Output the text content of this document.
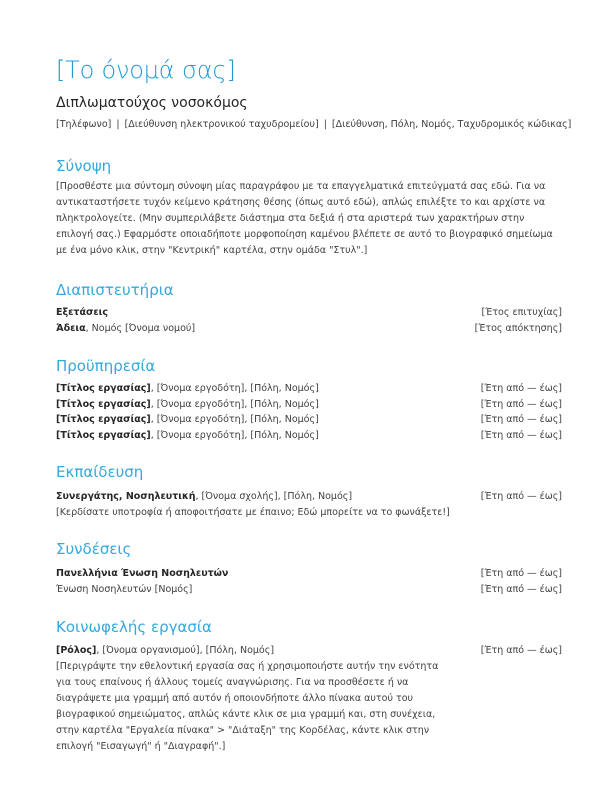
[Το όνομά σας]
Διπλωματούχος νοσοκόμος
[Τηλέφωνο] | [Διεύθυνση ηλεκτρονικού ταχυδρομείου] | [Διεύθυνση, Πόλη, Νομός, Ταχυδρομικός κώδικας]
Σύνοψη
[Προσθέστε μια σύντομη σύνοψη μίας παραγράφου με τα επαγγελματικά επιτεύγματά σας εδώ. Για να αντικαταστήσετε τυχόν κείμενο κράτησης θέσης (όπως αυτό εδώ), απλώς επιλέξτε το και αρχίστε να πληκτρολογείτε. (Μην συμπεριλάβετε διάστημα στα δεξιά ή στα αριστερά των χαρακτήρων στην επιλογή σας.) Εφαρμόστε οποιαδήποτε μορφοποίηση καμένου βλέπετε σε αυτό το βιογραφικό σημείωμα με ένα μόνο κλικ, στην "Κεντρική" καρτέλα, στην ομάδα "Στυλ".]
Διαπιστευτήρια
Εξετάσεις	[Έτος επιτυχίας]
Άδεια, Νομός [Όνομα νομού]	[Έτος απόκτησης]
Προϋπηρεσία
[Τίτλος εργασίας], [Όνομα εργοδότη], [Πόλη, Νομός]	[Έτη από — έως]
[Τίτλος εργασίας], [Όνομα εργοδότη], [Πόλη, Νομός]	[Έτη από — έως]
[Τίτλος εργασίας], [Όνομα εργοδότη], [Πόλη, Νομός]	[Έτη από — έως]
[Τίτλος εργασίας], [Όνομα εργοδότη], [Πόλη, Νομός]	[Έτη από — έως]
Εκπαίδευση
Συνεργάτης, Νοσηλευτική, [Όνομα σχολής], [Πόλη, Νομός]	[Έτη από — έως]
[Κερδίσατε υποτροφία ή αποφοιτήσατε με έπαινο; Εδώ μπορείτε να το φωνάξετε!]
Συνδέσεις
Πανελλήνια Ένωση Νοσηλευτών	[Έτη από — έως]
Ένωση Νοσηλευτών [Νομός]	[Έτη από — έως]
Κοινωφελής εργασία
[Ρόλος], [Όνομα οργανισμού], [Πόλη, Νομός]	[Έτη από — έως]
[Περιγράψτε την εθελοντική εργασία σας ή χρησιμοποιήστε αυτήν την ενότητα για τους επαίνους ή άλλους τομείς αναγνώρισης. Για να προσθέσετε ή να διαγράψετε μια γραμμή από αυτόν ή οποιονδήποτε άλλο πίνακα αυτού του βιογραφικού σημειώματος, απλώς κάντε κλικ σε μια γραμμή και, στη συνέχεια, στην καρτέλα "Εργαλεία πίνακα" > "Διάταξη" της Κορδέλας, κάντε κλικ στην επιλογή "Εισαγωγή" ή "Διαγραφή".]
